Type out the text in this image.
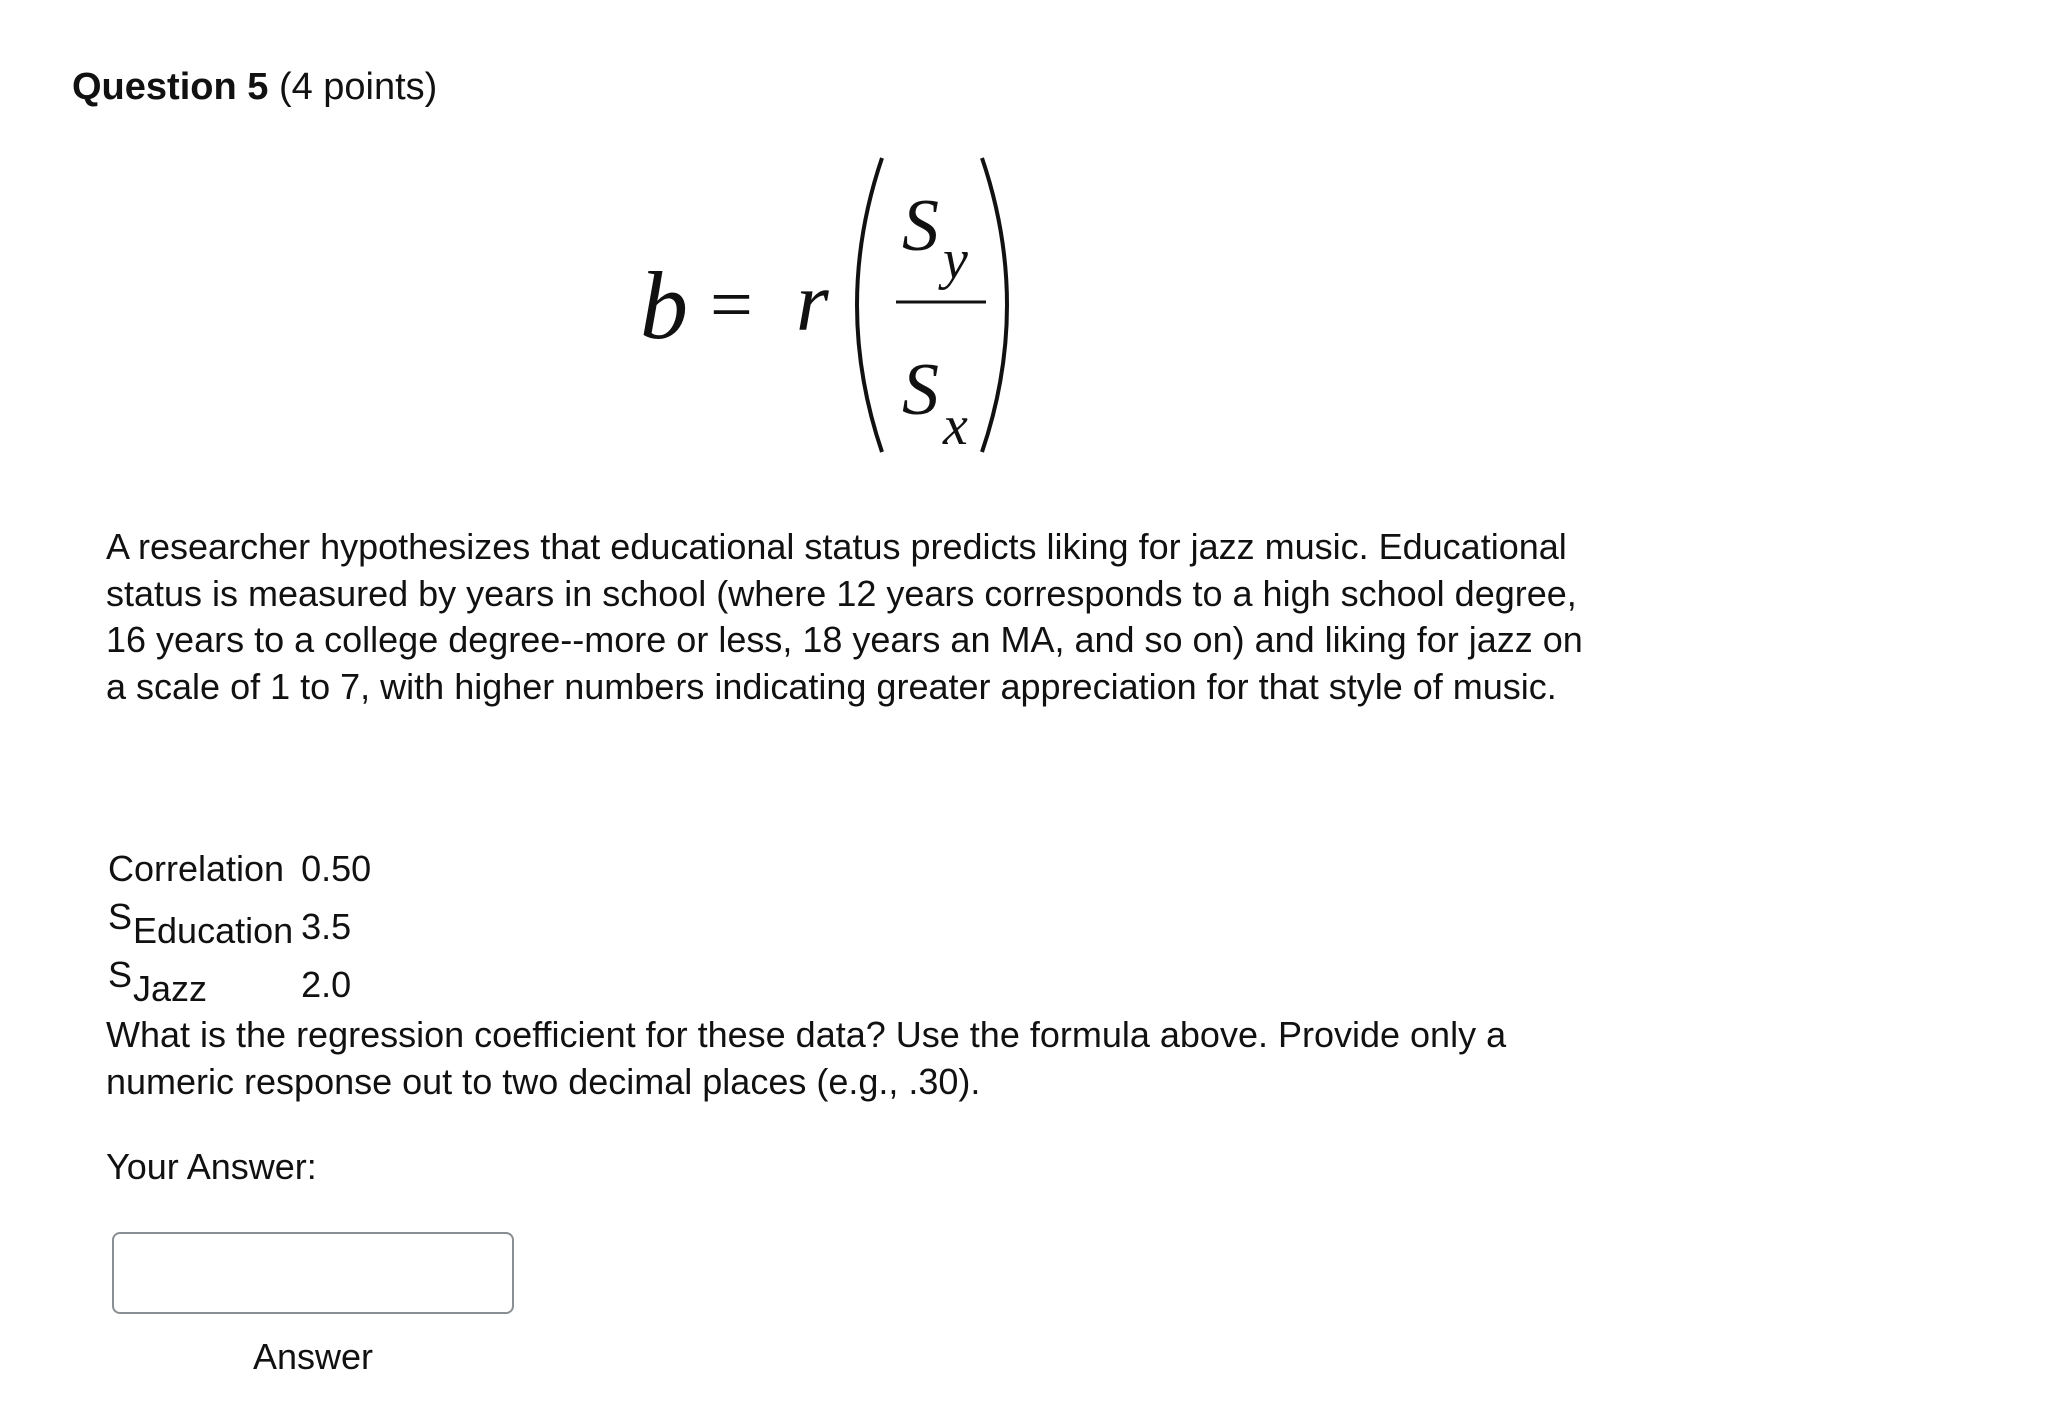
Question 5 (4 points)
b = r
S y
S x
A researcher hypothesizes that educational status predicts liking for jazz music. Educational status is measured by years in school (where 12 years corresponds to a high school degree, 16 years to a college degree--more or less, 18 years an MA, and so on) and liking for jazz on a scale of 1 to 7, with higher numbers indicating greater appreciation for that style of music.
Correlation	0.50
SEducation	3.5
SJazz	2.0
What is the regression coefficient for these data? Use the formula above. Provide only a numeric response out to two decimal places (e.g., .30).
Your Answer:
Answer
